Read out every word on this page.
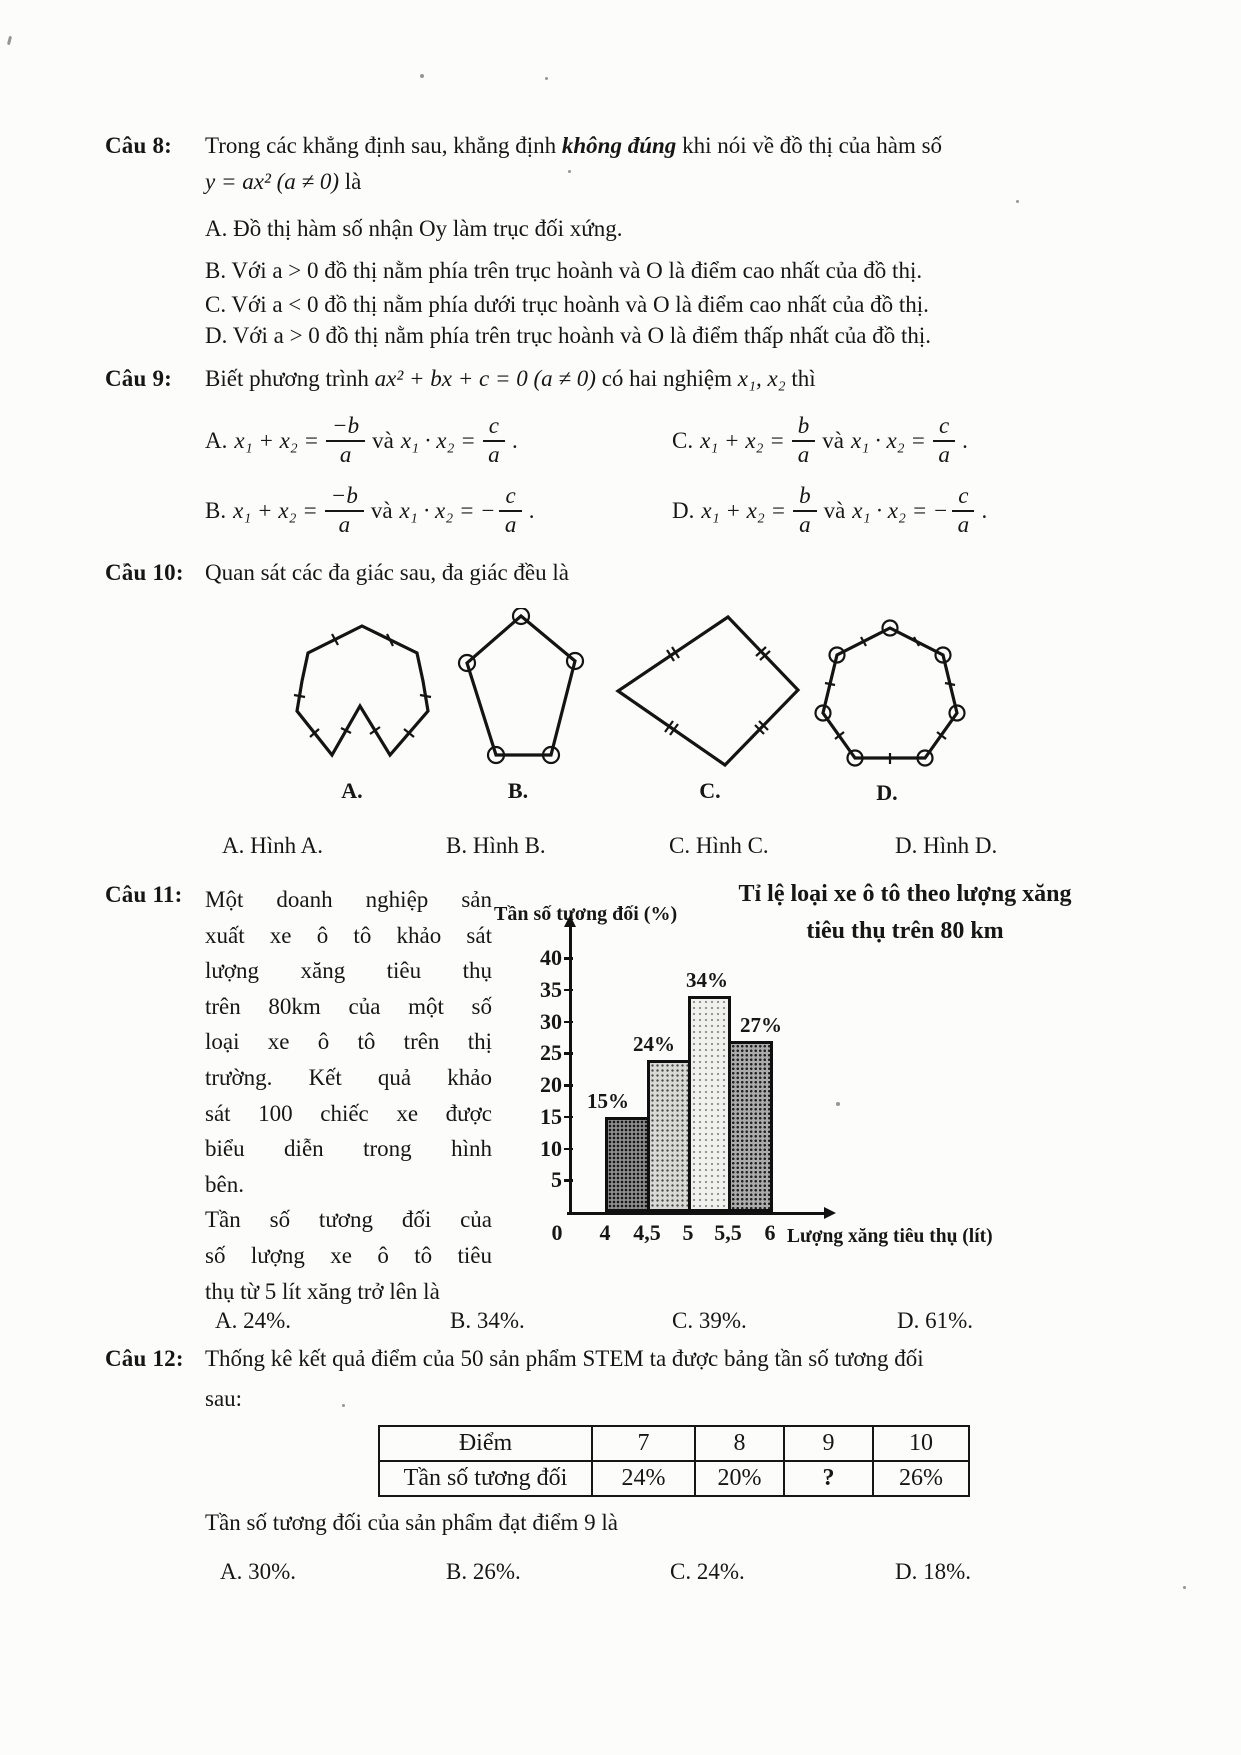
Câu 8: Trong các khẳng định sau, khẳng định không đúng khi nói về đồ thị của hàm số
y = ax² (a ≠ 0) là
A. Đồ thị hàm số nhận Oy làm trục đối xứng.
B. Với a > 0 đồ thị nằm phía trên trục hoành và O là điểm cao nhất của đồ thị.
C. Với a < 0 đồ thị nằm phía dưới trục hoành và O là điểm cao nhất của đồ thị.
D. Với a > 0 đồ thị nằm phía trên trục hoành và O là điểm thấp nhất của đồ thị.
Câu 9: Biết phương trình ax² + bx + c = 0 (a ≠ 0) có hai nghiệm x₁, x₂ thì
A. $x_1 + x_2 = \frac{-b}{a}$ và $x_1 \cdot x_2 = \frac{c}{a}$ .	C. $x_1 + x_2 = \frac{b}{a}$ và $x_1 \cdot x_2 = \frac{c}{a}$ .
B. $x_1 + x_2 = \frac{-b}{a}$ và x₁ · x₂ = − $\frac{c}{a}$ .	D. $x_1 + x_2 = \frac{b}{a}$ và x₁ · x₂ = − $\frac{c}{a}$ .
Câu 10: Quan sát các đa giác sau, đa giác đều là
A.	B.	C.	D.
A. Hình A.	B. Hình B.	C. Hình C.	D. Hình D.
Câu 11: Một doanh nghiệp sản
xuất xe ô tô khảo sát
lượng xăng tiêu thụ
trên 80km của một số
loại xe ô tô trên thị
trường. Kết quả khảo
sát 100 chiếc xe được
biểu diễn trong hình
bên.
Tần số tương đối của
số lượng xe ô tô tiêu
thụ từ 5 lít xăng trở lên là
Tỉ lệ loại xe ô tô theo lượng xăng
tiêu thụ trên 80 km
Tần số tương đối (%)
Lượng xăng tiêu thụ (lít)
15%
24%
34%
27%
5
10
15
20
25
30
35
40
0	4	4,5 5 5,5	6
A. 24%.	B. 34%.	C. 39%.	D. 61%.
Câu 12: Thống kê kết quả điểm của 50 sản phẩm STEM ta được bảng tần số tương đối
sau:
Điểm	7	8	9	10
Tần số tương đối	24%	20%	?	26%
Tần số tương đối của sản phẩm đạt điểm 9 là
A. 30%.	B. 26%.	C. 24%.	D. 18%.
